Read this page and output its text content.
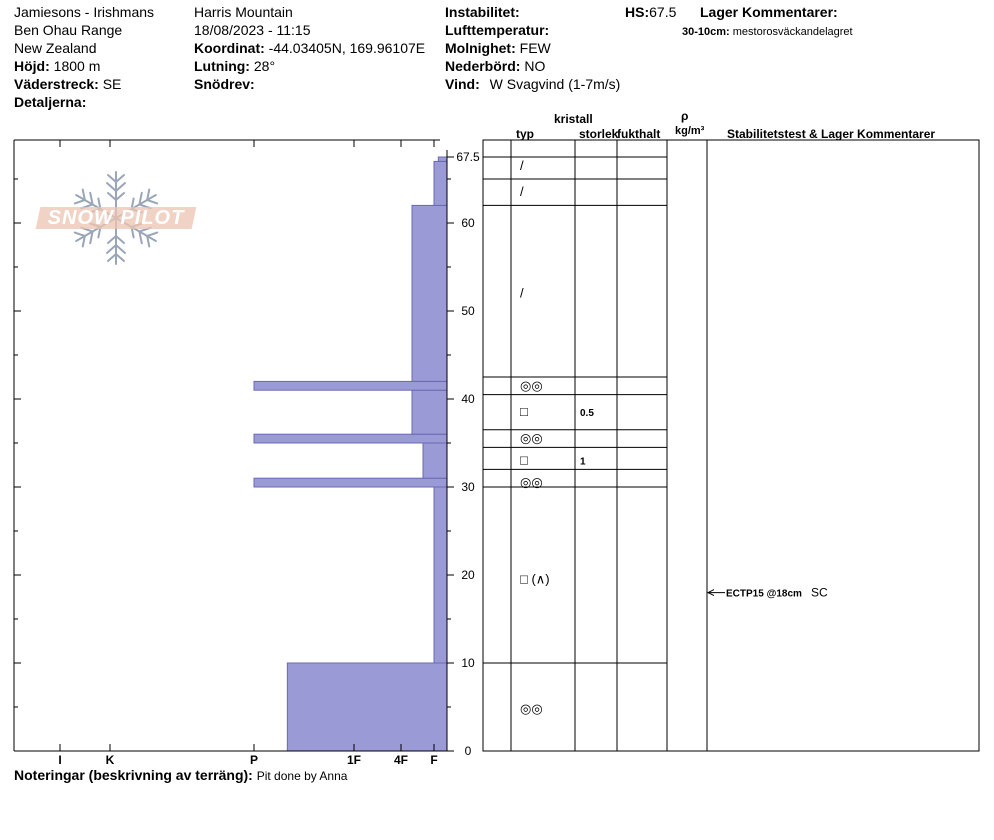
Jamiesons - Irishmans
Ben Ohau Range
New Zealand
Höjd: 1800 m
Väderstreck: SE
Detaljerna:
Harris Mountain
18/08/2023 - 11:15
Koordinat: -44.03405N, 169.96107E
Lutning: 28°
Snödrev:
Instabilitet:
Lufttemperatur:
Molnighet: FEW
Nederbörd: NO
Vind: W Svagvind (1-7m/s)
HS:67.5 Lager Kommentarer:
30-10cm: mestorosväckandelagret
SNOW PILOT
kristall
typ	storlek
fukthalt
ρ
kg/m³ Stabilitetstest & Lager Kommentarer
0
10
20
30
40
50
60
67.5
I	K	P	1F	4F F
/
/
/
◎◎
□	0.5
◎◎
□	1
◎◎
□ (∧)
◎◎
ECTP15 @18cm SC
Noteringar (beskrivning av terräng): Pit done by Anna
